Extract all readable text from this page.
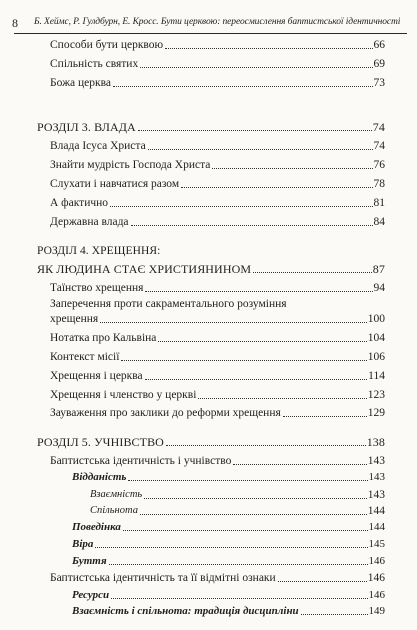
8 Б. Хеймс, Р. Гулдбурн, Е. Кросс. Бути церквою: переосмислення баптистської ідентичності
Способи бути церквою	66
Спільність святих	69
Божа церква	73
РОЗДІЛ 3. ВЛАДА	74
Влада Ісуса Христа	74
Знайти мудрість Господа Христа	76
Слухати і навчатися разом	78
А фактично	81
Державна влада	84
РОЗДІЛ 4. ХРЕЩЕННЯ:
ЯК ЛЮДИНА СТАЄ ХРИСТИЯНИНОМ	87
Таїнство хрещення	94
Заперечення проти сакраментального розуміння
хрещення	100
Нотатка про Кальвіна	104
Контекст місії	106
Хрещення і церква	114
Хрещення і членство у церкві	123
Зауваження про заклики до реформи хрещення	129
РОЗДІЛ 5. УЧНІВСТВО	138
Баптистська ідентичність і учнівство	143
Відданість	143
Взаємність	143
Спільнота	144
Поведінка	144
Віра	145
Буття	146
Баптистська ідентичність та її відмітні ознаки	146
Ресурси	146
Взаємність і спільнота: традиція дисципліни	149
